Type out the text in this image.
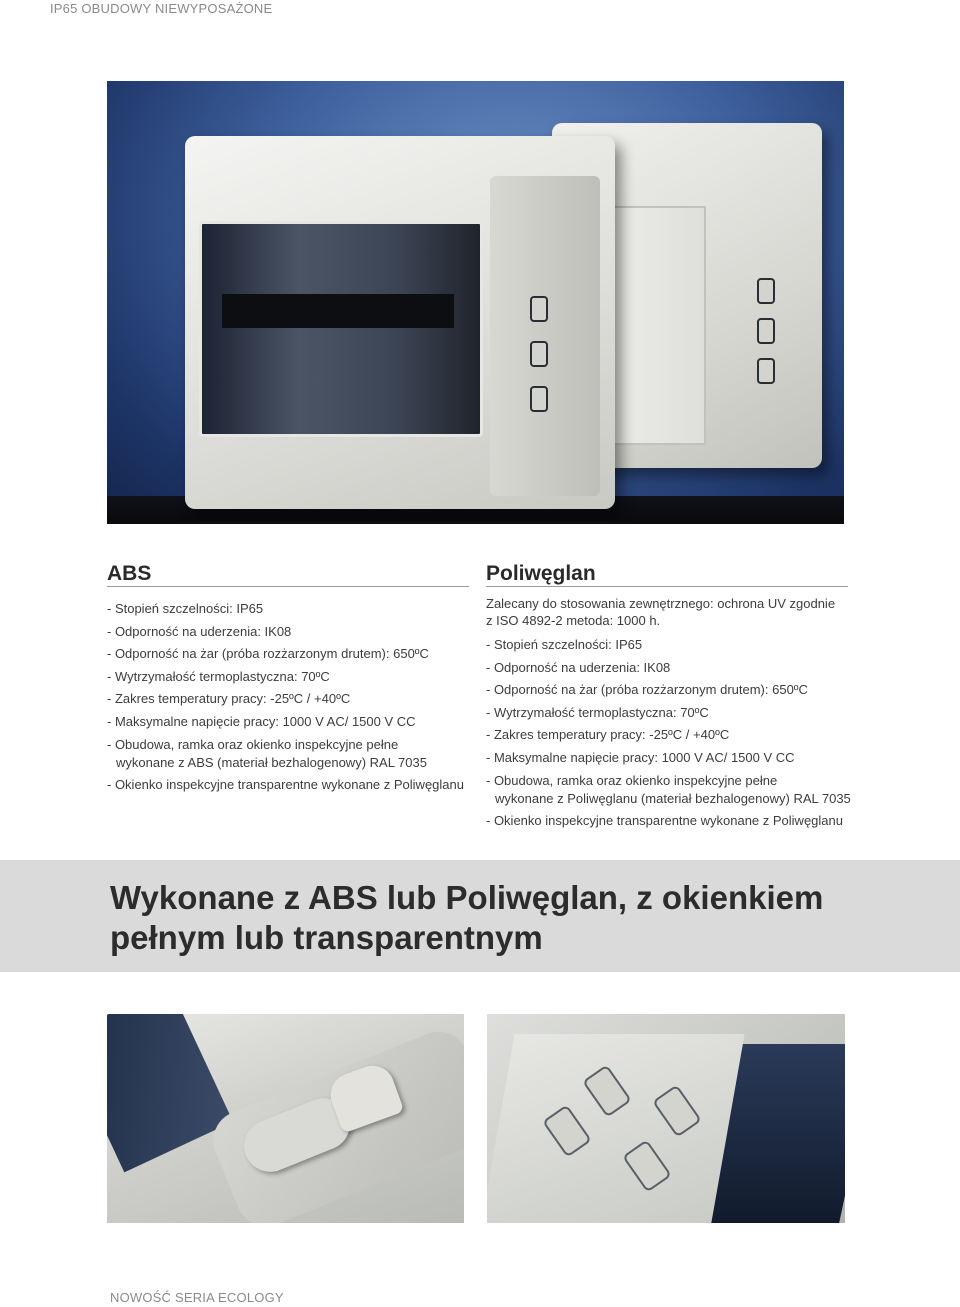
IP65 OBUDOWY NIEWYPOSAŻONE
ABS
- Stopień szczelności: IP65
- Odporność na uderzenia: IK08
- Odporność na żar (próba rozżarzonym drutem): 650ºC
- Wytrzymałość termoplastyczna: 70ºC
- Zakres temperatury pracy: -25ºC / +40ºC
- Maksymalne napięcie pracy: 1000 V AC/ 1500 V CC
- Obudowa, ramka oraz okienko inspekcyjne pełne
wykonane z ABS (materiał bezhalogenowy) RAL 7035
- Okienko inspekcyjne transparentne wykonane z Poliwęglanu
Poliwęglan
Zalecany do stosowania zewnętrznego: ochrona UV zgodnie z ISO 4892-2 metoda: 1000 h.
- Stopień szczelności: IP65
- Odporność na uderzenia: IK08
- Odporność na żar (próba rozżarzonym drutem): 650ºC
- Wytrzymałość termoplastyczna: 70ºC
- Zakres temperatury pracy: -25ºC / +40ºC
- Maksymalne napięcie pracy: 1000 V AC/ 1500 V CC
- Obudowa, ramka oraz okienko inspekcyjne pełne
wykonane z Poliwęglanu (materiał bezhalogenowy) RAL 7035
- Okienko inspekcyjne transparentne wykonane z Poliwęglanu
Wykonane z ABS lub Poliwęglan, z okienkiem
pełnym lub transparentnym
NOWOŚĆ SERIA ECOLOGY
